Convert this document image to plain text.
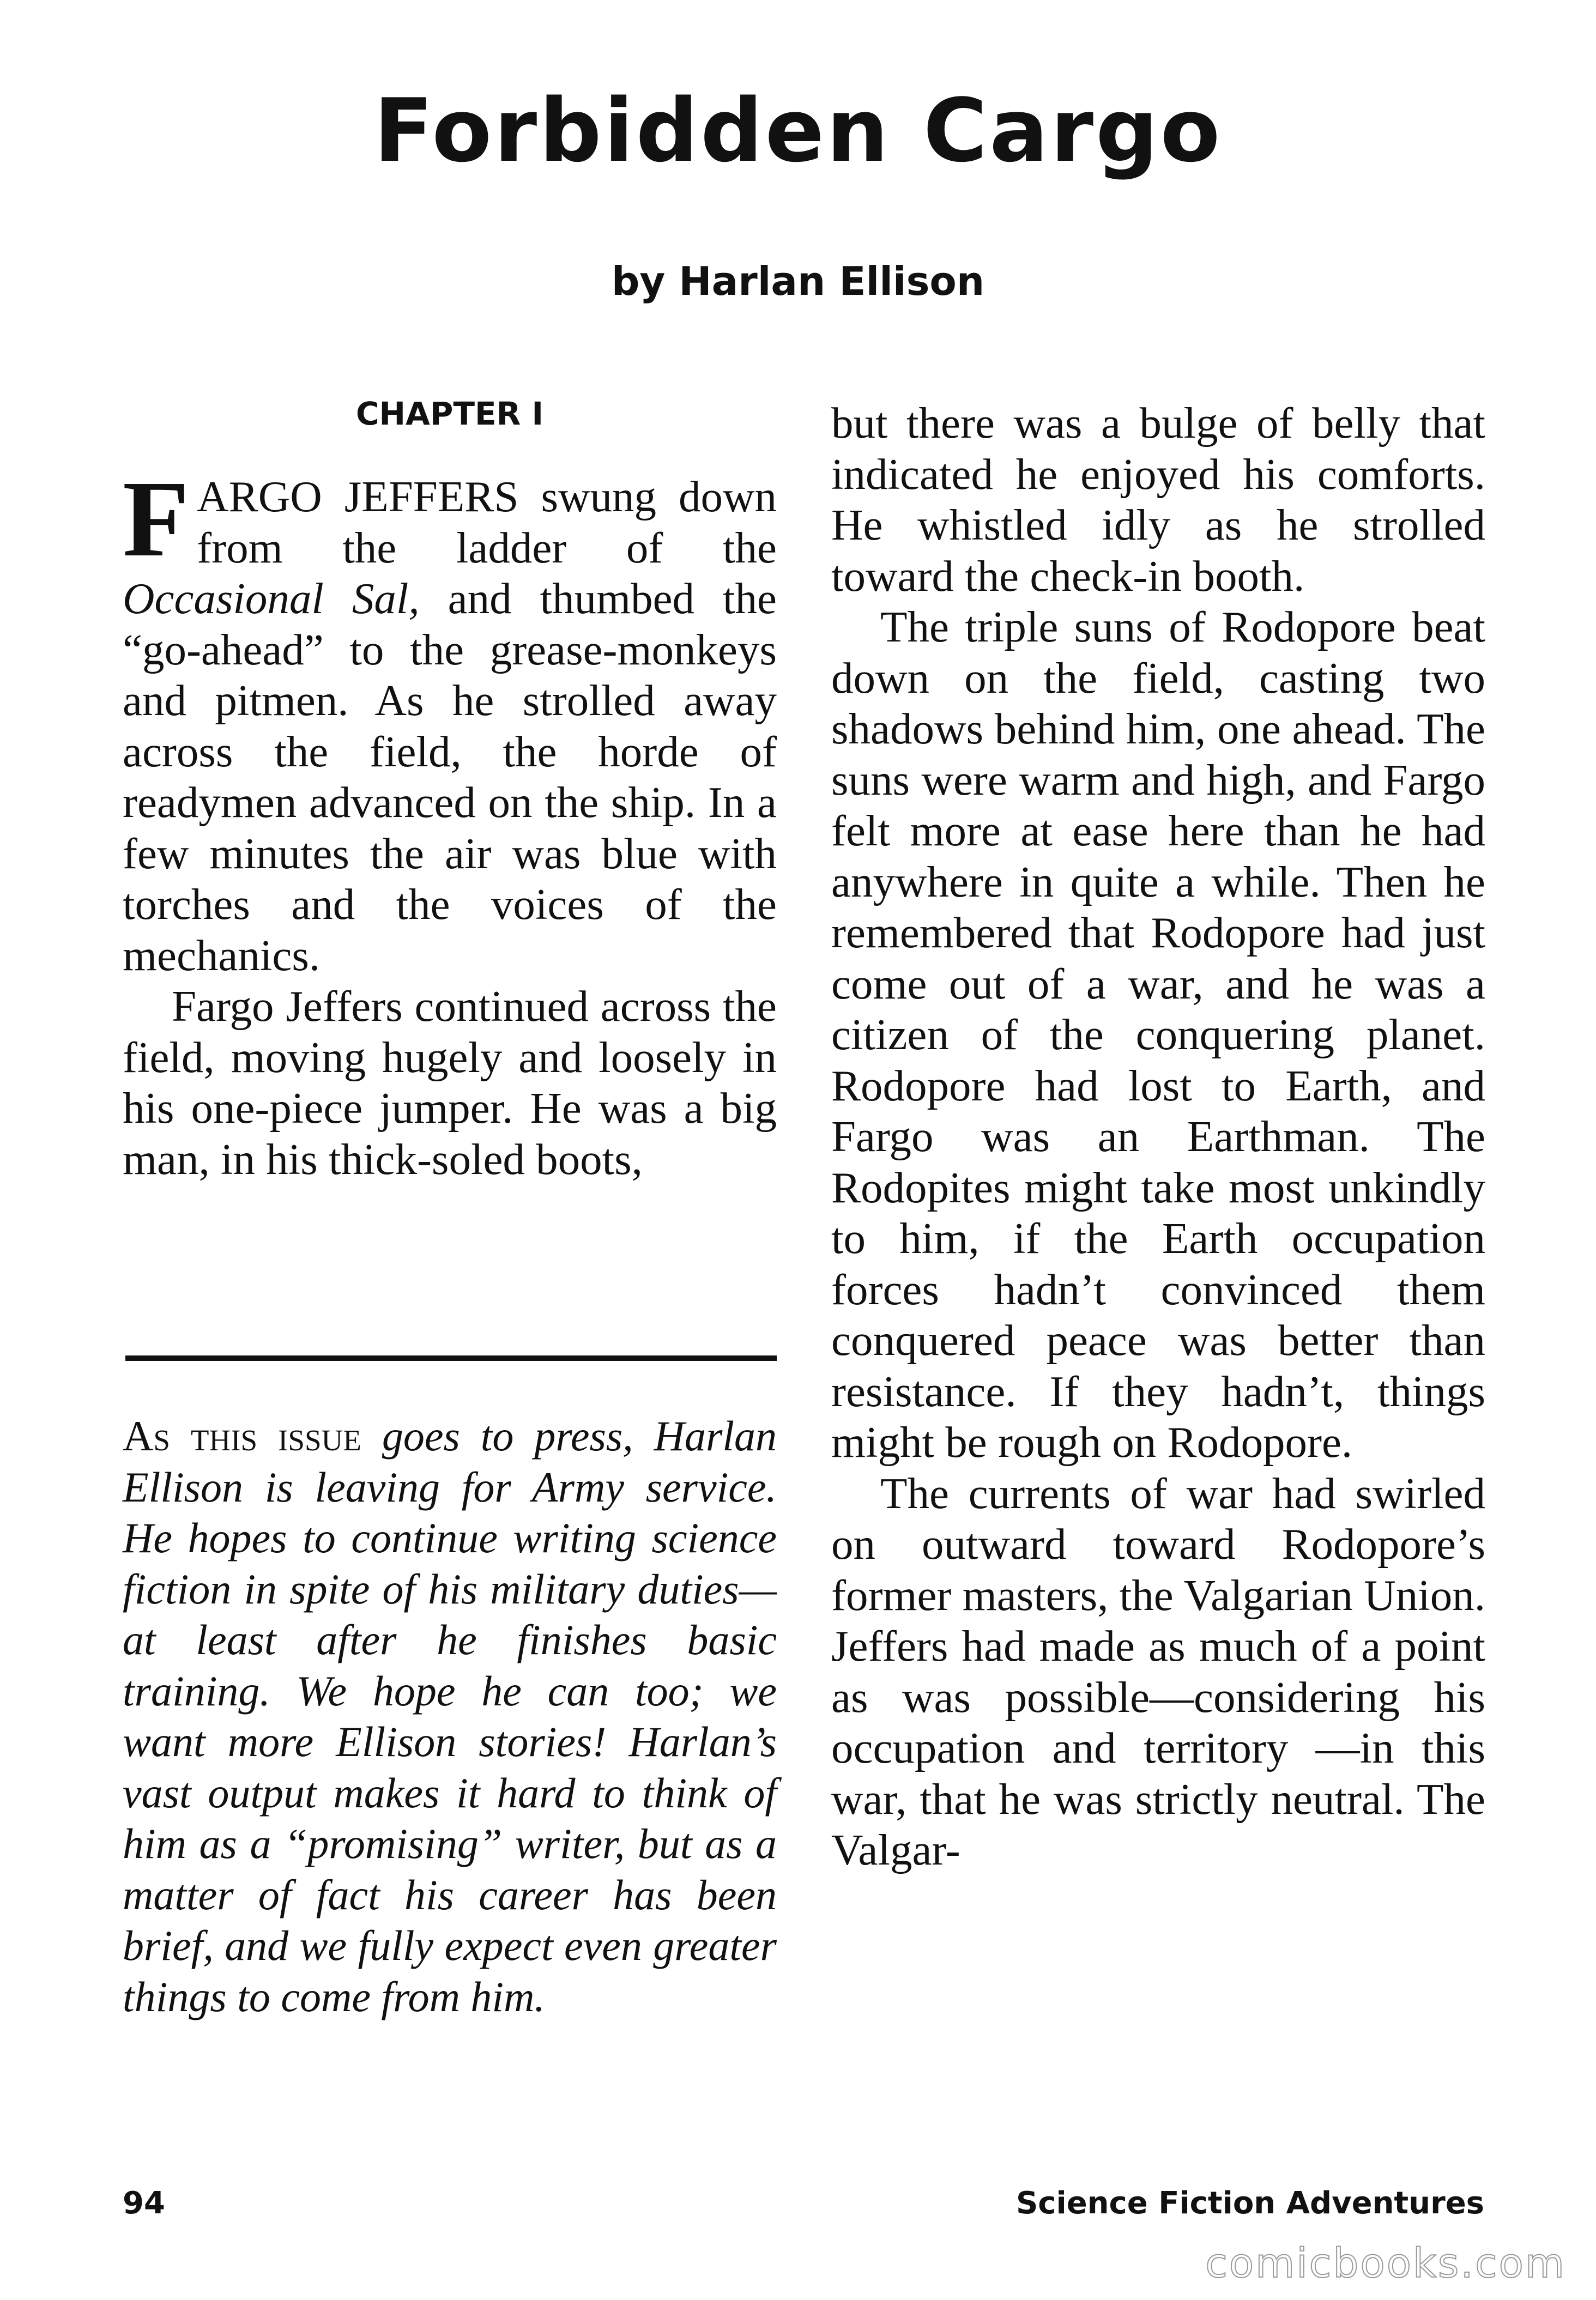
Forbidden Cargo
by Harlan Ellison
CHAPTER I

FARGO JEFFERS swung down from the ladder of the Occasional Sal, and thumbed the “go-ahead” to the grease-monkeys and pitmen. As he strolled away across the field, the horde of readymen advanced on the ship. In a few minutes the air was blue with torches and the voices of the mechanics.

Fargo Jeffers continued across the field, moving hugely and loosely in his one-piece jumper. He was a big man, in his thick-soled boots,

As this issue goes to press, Harlan Ellison is leaving for Army service. He hopes to continue writing science fiction in spite of his military duties—at least after he finishes basic training. We hope he can too; we want more Ellison stories! Harlan’s vast output makes it hard to think of him as a “promising” writer, but as a matter of fact his career has been brief, and we fully expect even greater things to come from him.

but there was a bulge of belly that indicated he enjoyed his comforts. He whistled idly as he strolled toward the check-in booth.

The triple suns of Rodopore beat down on the field, casting two shadows behind him, one ahead. The suns were warm and high, and Fargo felt more at ease here than he had anywhere in quite a while. Then he remembered that Rodopore had just come out of a war, and he was a citizen of the conquering planet. Rodopore had lost to Earth, and Fargo was an Earthman. The Rodopites might take most unkindly to him, if the Earth occupation forces hadn’t convinced them conquered peace was better than resistance. If they hadn’t, things might be rough on Rodopore.

The currents of war had swirled on outward toward Rodopore’s former masters, the Valgarian Union. Jeffers had made as much of a point as was possible—considering his occupation and territory —in this war, that he was strictly neutral. The Valgar-

94	Science Fiction Adventures
comicbooks.com
